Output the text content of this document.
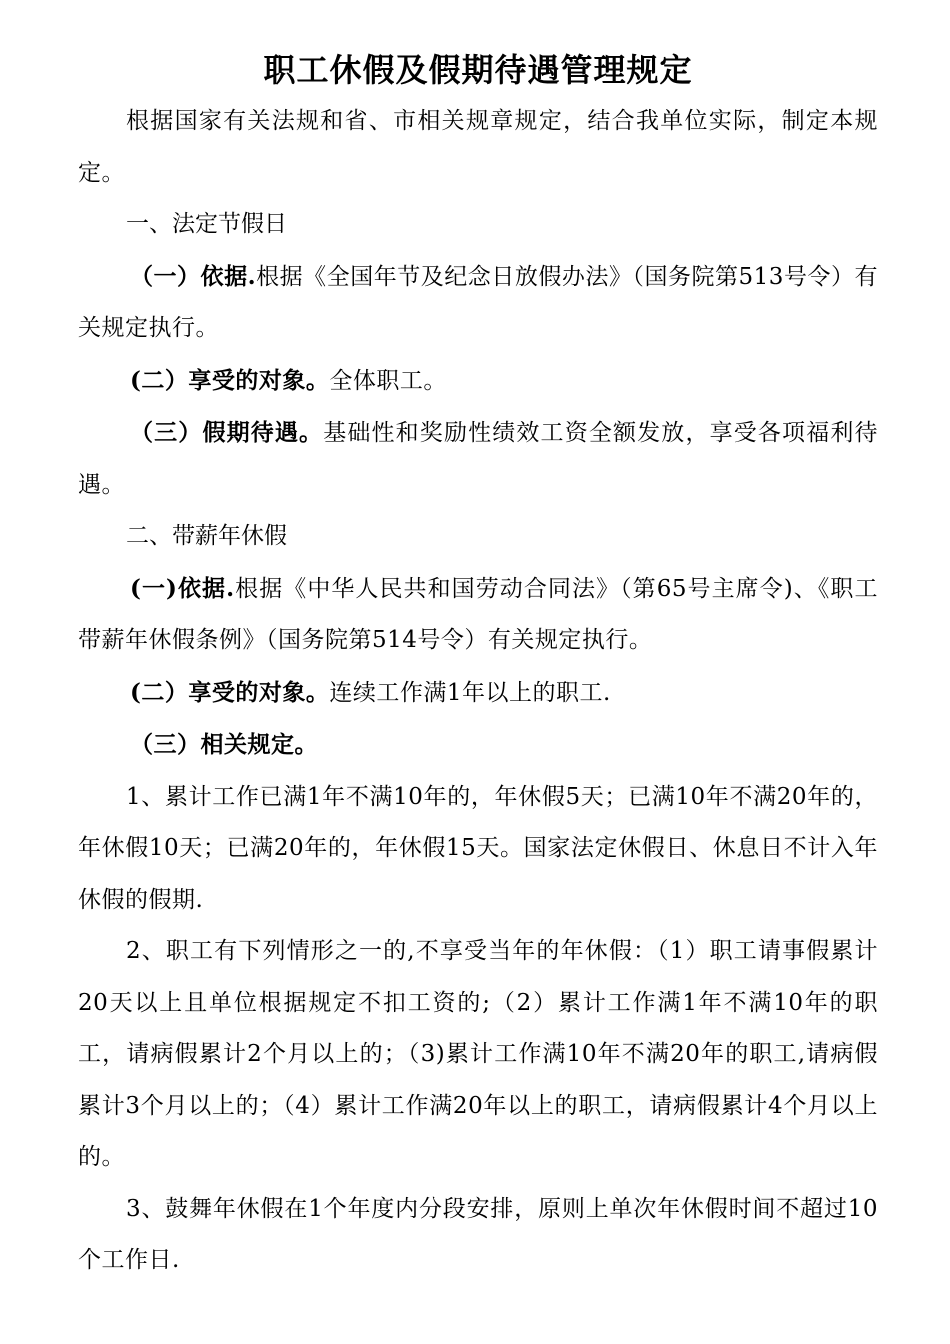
职工休假及假期待遇管理规定

根据国家有关法规和省、市相关规章规定，结合我单位实际，制定本规定。

一、法定节假日

（一）依据.根据《全国年节及纪念日放假办法》（国务院第513号令）有关规定执行。

(二）享受的对象。全体职工。

（三）假期待遇。基础性和奖励性绩效工资全额发放，享受各项福利待遇。

二、带薪年休假

(一)依据.根据《中华人民共和国劳动合同法》（第65号主席令)、《职工带薪年休假条例》（国务院第514号令）有关规定执行。

(二）享受的对象。连续工作满1年以上的职工.

（三）相关规定。

1、累计工作已满1年不满10年的，年休假5天；已满10年不满20年的，年休假10天；已满20年的，年休假15天。国家法定休假日、休息日不计入年休假的假期.

2、职工有下列情形之一的,不享受当年的年休假：（1）职工请事假累计20天以上且单位根据规定不扣工资的;（2）累计工作满1年不满10年的职工，请病假累计2个月以上的；（3)累计工作满10年不满20年的职工,请病假累计3个月以上的；（4）累计工作满20年以上的职工，请病假累计4个月以上的。

3、鼓舞年休假在1个年度内分段安排，原则上单次年休假时间不超过10个工作日.
